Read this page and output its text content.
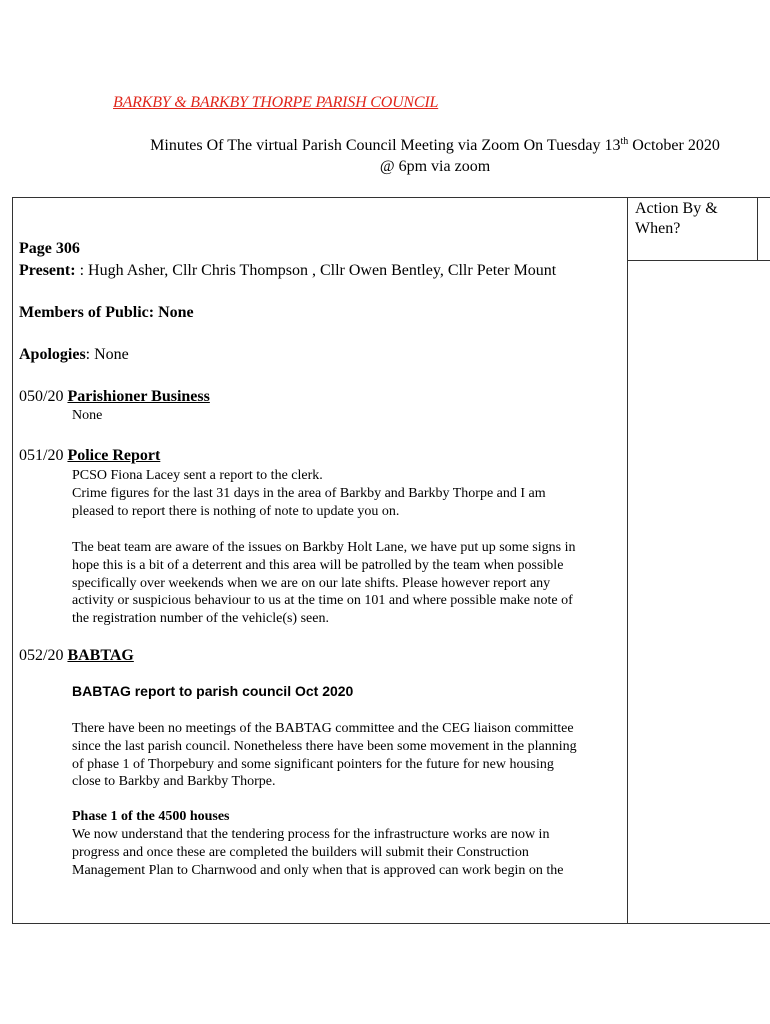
BARKBY & BARKBY THORPE PARISH COUNCIL
Minutes Of The virtual Parish Council Meeting via Zoom On Tuesday 13th October 2020
@ 6pm via zoom
Action By &
When?
Page 306
Present: : Hugh Asher, Cllr Chris Thompson , Cllr Owen Bentley, Cllr Peter Mount
Members of Public: None
Apologies: None
050/20 Parishioner Business
None
051/20 Police Report
PCSO Fiona Lacey sent a report to the clerk.
Crime figures for the last 31 days in the area of Barkby and Barkby Thorpe and I am
pleased to report there is nothing of note to update you on.
The beat team are aware of the issues on Barkby Holt Lane, we have put up some signs in
hope this is a bit of a deterrent and this area will be patrolled by the team when possible
specifically over weekends when we are on our late shifts. Please however report any
activity or suspicious behaviour to us at the time on 101 and where possible make note of
the registration number of the vehicle(s) seen.
052/20 BABTAG
BABTAG report to parish council Oct 2020
There have been no meetings of the BABTAG committee and the CEG liaison committee
since the last parish council. Nonetheless there have been some movement in the planning
of phase 1 of Thorpebury and some significant pointers for the future for new housing
close to Barkby and Barkby Thorpe.
Phase 1 of the 4500 houses
We now understand that the tendering process for the infrastructure works are now in
progress and once these are completed the builders will submit their Construction
Management Plan to Charnwood and only when that is approved can work begin on the
